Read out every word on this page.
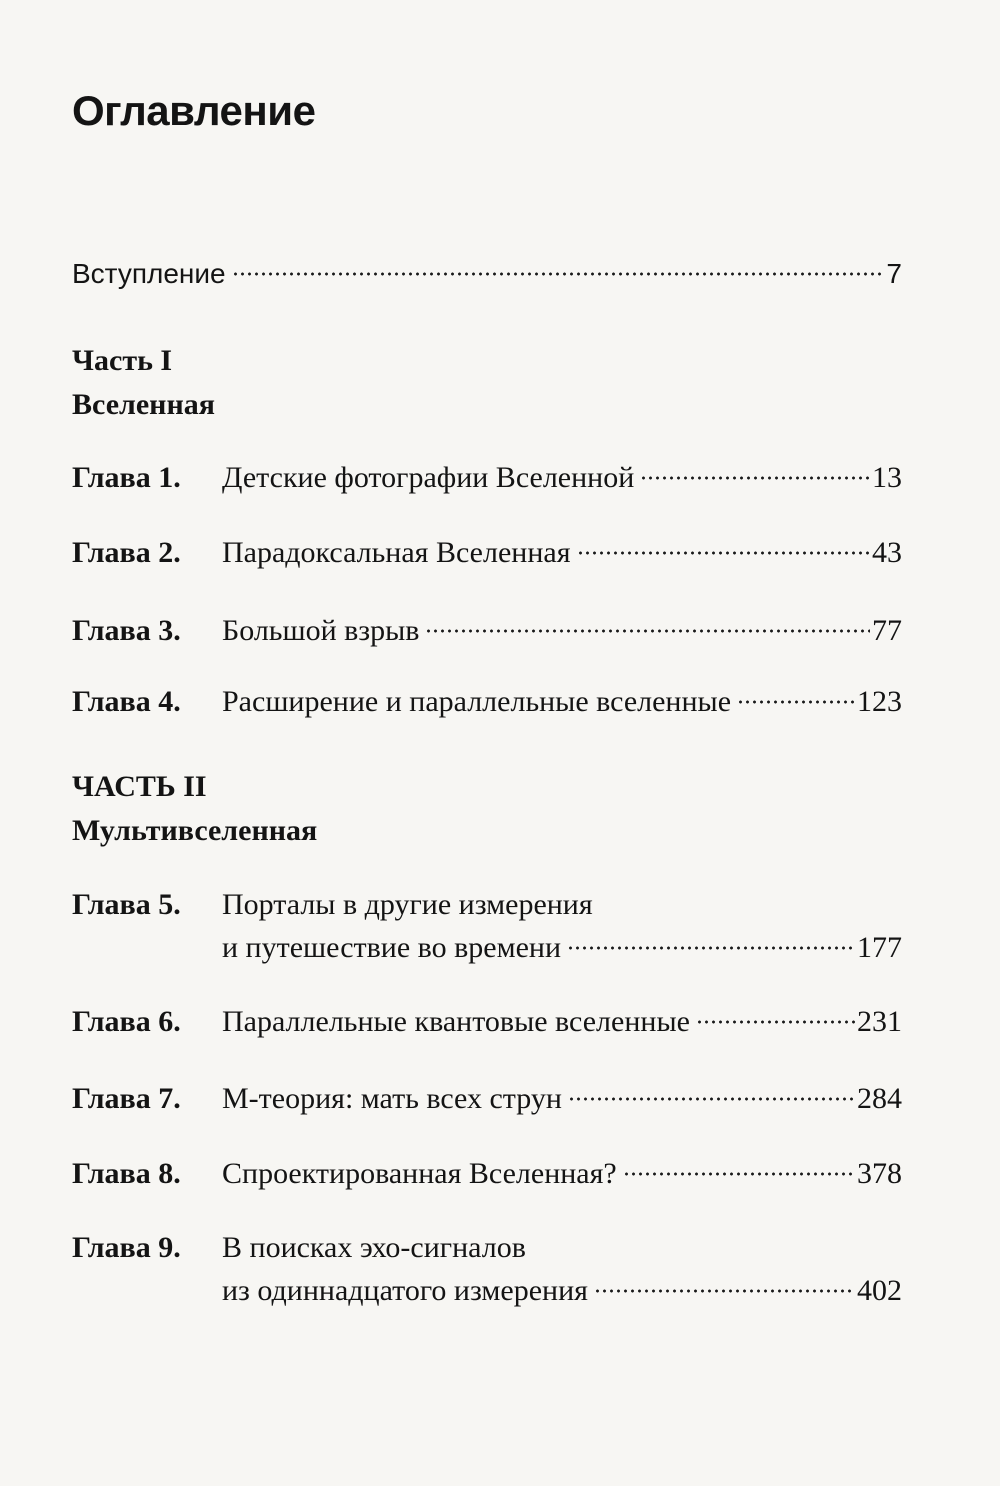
Оглавление
Вступление	7
Часть I
Вселенная
Глава 1.	Детские фотографии Вселенной	13
Глава 2.	Парадоксальная Вселенная	43
Глава 3.	Большой взрыв	77
Глава 4.	Расширение и параллельные вселенные	123
ЧАСТЬ II
Мультивселенная
Глава 5.	Порталы в другие измерения
и путешествие во времени	177
Глава 6.	Параллельные квантовые вселенные	231
Глава 7.	М-теория: мать всех струн	284
Глава 8.	Спроектированная Вселенная?	378
Глава 9.	В поисках эхо-сигналов
из одиннадцатого измерения	402
